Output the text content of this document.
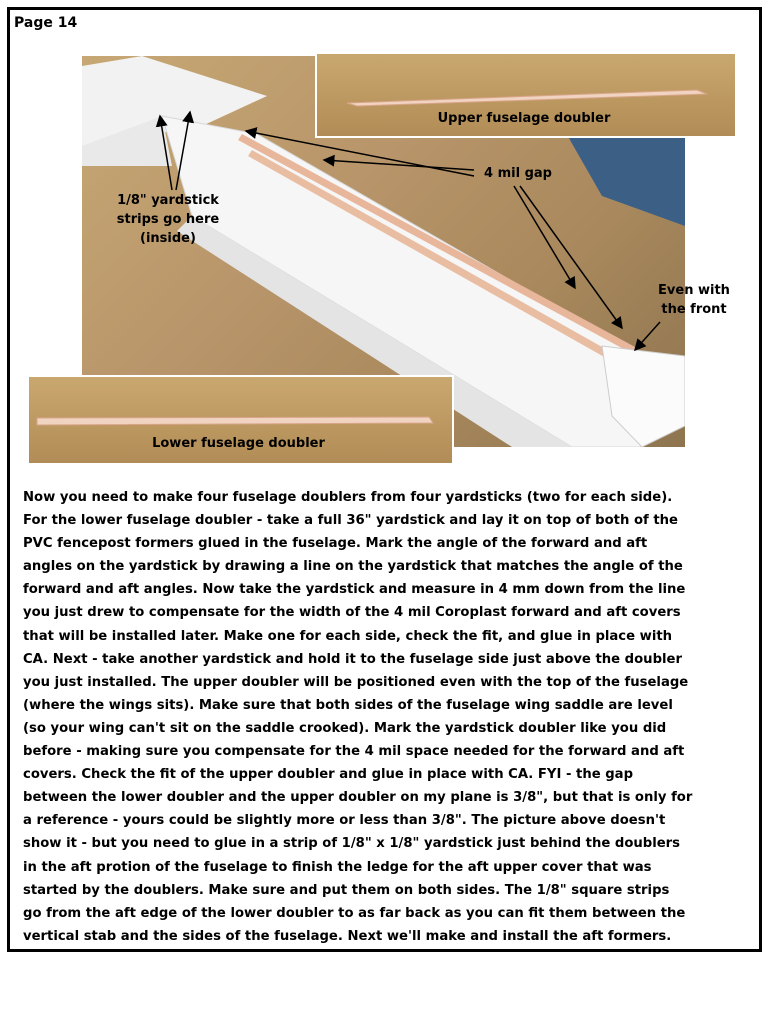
Page 14
Upper fuselage doubler
Lower fuselage doubler
4 mil gap
1/8" yardstick
strips go here
(inside)
Even with
the front

Now you need to make four fuselage doublers from four yardsticks (two for each side).

For the lower fuselage doubler - take a full 36" yardstick and lay it on top of both of the

PVC fencepost formers glued in the fuselage. Mark the angle of the forward and aft

angles on the yardstick by drawing a line on the yardstick that matches the angle of the

forward and aft angles. Now take the yardstick and measure in 4 mm down from the line

you just drew to compensate for the width of the 4 mil Coroplast forward and aft covers

that will be installed later. Make one for each side, check the fit, and glue in place with

CA. Next - take another yardstick and hold it to the fuselage side just above the doubler

you just installed. The upper doubler will be positioned even with the top of the fuselage

(where the wings sits). Make sure that both sides of the fuselage wing saddle are level

(so your wing can't sit on the saddle crooked). Mark the yardstick doubler like you did

before - making sure you compensate for the 4 mil space needed for the forward and aft

covers. Check the fit of the upper doubler and glue in place with CA. FYI - the gap

between the lower doubler and the upper doubler on my plane is 3/8", but that is only for

a reference - yours could be slightly more or less than 3/8". The picture above doesn't

show it - but you need to glue in a strip of 1/8" x 1/8" yardstick just behind the doublers

in the aft protion of the fuselage to finish the ledge for the aft upper cover that was

started by the doublers. Make sure and put them on both sides. The 1/8" square strips

go from the aft edge of the lower doubler to as far back as you can fit them between the

vertical stab and the sides of the fuselage. Next we'll make and install the aft formers.
